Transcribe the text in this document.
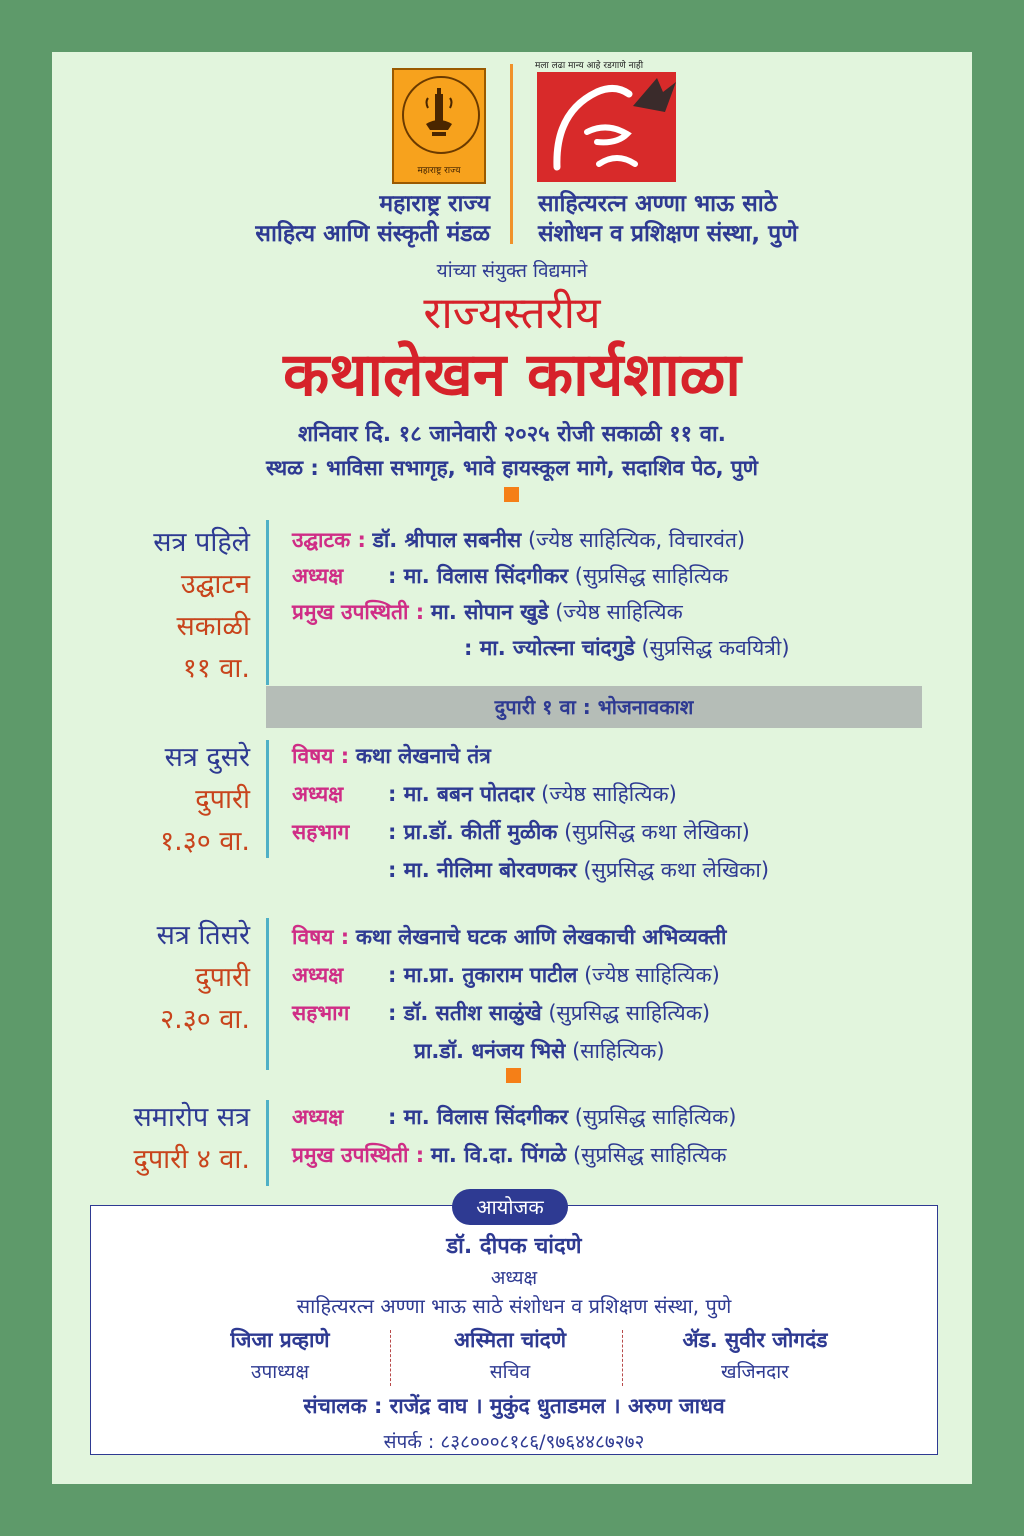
महाराष्ट्र राज्य
मला लढा मान्य आहे रडगाणे नाही
महाराष्ट्र राज्य
साहित्य आणि संस्कृती मंडळ
साहित्यरत्न अण्णा भाऊ साठे
संशोधन व प्रशिक्षण संस्था, पुणे
यांच्या संयुक्त विद्यमाने
राज्यस्तरीय
कथालेखन कार्यशाळा
शनिवार दि. १८ जानेवारी २०२५ रोजी सकाळी ११ वा.
स्थळ : भाविसा सभागृह, भावे हायस्कूल मागे, सदाशिव पेठ, पुणे
सत्र पहिले
उद्घाटन
सकाळी
११ वा.
उद्घाटक : डॉ. श्रीपाल सबनीस (ज्येष्ठ साहित्यिक, विचारवंत)
अध्यक्ष : मा. विलास सिंदगीकर (सुप्रसिद्ध साहित्यिक
प्रमुख उपस्थिती : मा. सोपान खुडे (ज्येष्ठ साहित्यिक
: मा. ज्योत्स्ना चांदगुडे (सुप्रसिद्ध कवयित्री)
दुपारी १ वा : भोजनावकाश
सत्र दुसरे
दुपारी
१.३० वा.
विषय : कथा लेखनाचे तंत्र
अध्यक्ष : मा. बबन पोतदार (ज्येष्ठ साहित्यिक)
सहभाग : प्रा.डॉ. कीर्ती मुळीक (सुप्रसिद्ध कथा लेखिका)
: मा. नीलिमा बोरवणकर (सुप्रसिद्ध कथा लेखिका)
सत्र तिसरे
दुपारी
२.३० वा.
विषय : कथा लेखनाचे घटक आणि लेखकाची अभिव्यक्ती
अध्यक्ष : मा.प्रा. तुकाराम पाटील (ज्येष्ठ साहित्यिक)
सहभाग : डॉ. सतीश साळुंखे (सुप्रसिद्ध साहित्यिक)
प्रा.डॉ. धनंजय भिसे (साहित्यिक)
समारोप सत्र
दुपारी ४ वा.
अध्यक्ष : मा. विलास सिंदगीकर (सुप्रसिद्ध साहित्यिक)
प्रमुख उपस्थिती : मा. वि.दा. पिंगळे (सुप्रसिद्ध साहित्यिक
आयोजक
डॉ. दीपक चांदणे
अध्यक्ष
साहित्यरत्न अण्णा भाऊ साठे संशोधन व प्रशिक्षण संस्था, पुणे
जिजा प्रव्हाणे
उपाध्यक्ष
अस्मिता चांदणे
सचिव
ॲड. सुवीर जोगदंड
खजिनदार
संचालक : राजेंद्र वाघ । मुकुंद धुताडमल । अरुण जाधव
संपर्क : ८३८०००८१८६/९७६४४८७२७२
